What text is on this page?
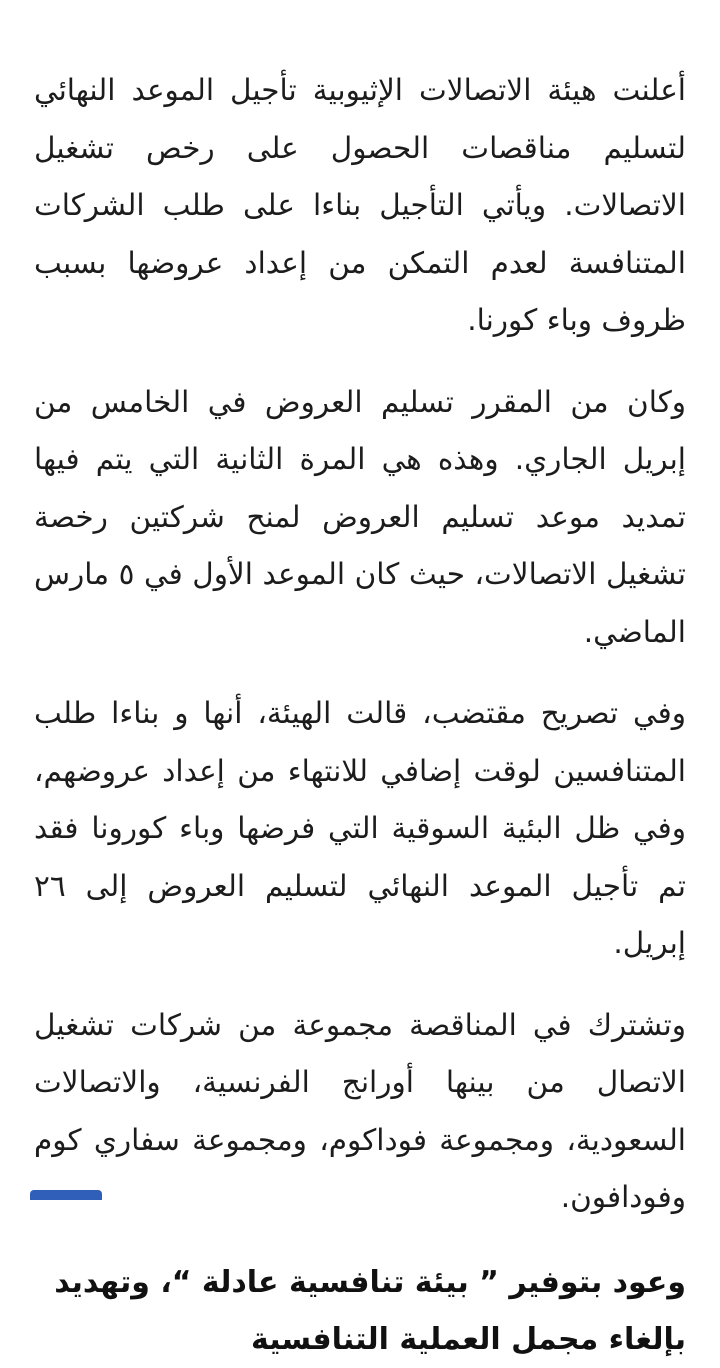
أعلنت هيئة الاتصالات الإثيوبية تأجيل الموعد النهائي لتسليم مناقصات الحصول على رخص تشغيل الاتصالات. ويأتي التأجيل بناءا على طلب الشركات المتنافسة لعدم التمكن من إعداد عروضها بسبب ظروف وباء كورنا.

وكان من المقرر تسليم العروض في الخامس من إبريل الجاري. وهذه هي المرة الثانية التي يتم فيها تمديد موعد تسليم العروض لمنح شركتين رخصة تشغيل الاتصالات، حيث كان الموعد الأول في ٥ مارس الماضي.

وفي تصريح مقتضب، قالت الهيئة، أنها و بناءا طلب المتنافسين لوقت إضافي للانتهاء من إعداد عروضهم، وفي ظل البئية السوقية التي فرضها وباء كورونا فقد تم تأجيل الموعد النهائي لتسليم العروض إلى ٢٦ إبريل.

وتشترك في المناقصة مجموعة من شركات تشغيل الاتصال من بينها أورانج الفرنسية، والاتصالات السعودية، ومجموعة فوداكوم، ومجموعة سفاري كوم وفودافون.

وعود بتوفير ” بيئة تنافسية عادلة “، وتهديد بإلغاء مجمل العملية التنافسية
